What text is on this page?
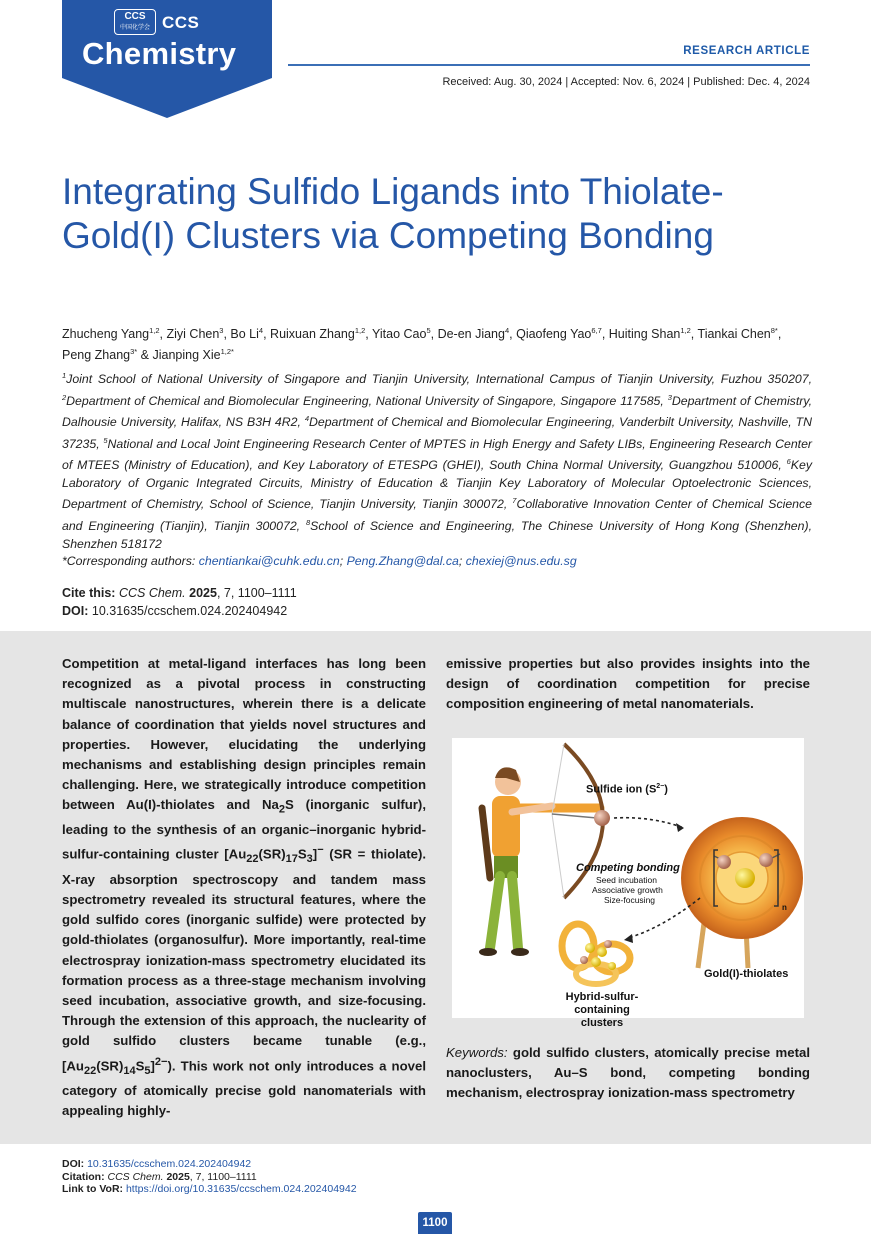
CCS
中国化学会 CCS
Chemistry	RESEARCH ARTICLE
Received: Aug. 30, 2024 | Accepted: Nov. 6, 2024 | Published: Dec. 4, 2024
Integrating Sulfido Ligands into Thiolate-Gold(I) Clusters via Competing Bonding
Zhucheng Yang$^{1,2}$, Ziyi Chen$^3$, Bo Li$^4$, Ruixuan Zhang$^{1,2}$, Yitao Cao$^5$, De-en Jiang$^4$, Qiaofeng Yao$^{6,7}$, Huiting Shan$^{1,2}$, Tiankai Chen$^{8*}$, Peng Zhang$^{3*}$ & Jianping Xie$^{1,2*}$
$^1$Joint School of National University of Singapore and Tianjin University, International Campus of Tianjin University, Fuzhou 350207, $^2$Department of Chemical and Biomolecular Engineering, National University of Singapore, Singapore 117585, $^3$Department of Chemistry, Dalhousie University, Halifax, NS B3H 4R2, $^4$Department of Chemical and Biomolecular Engineering, Vanderbilt University, Nashville, TN 37235, $^5$National and Local Joint Engineering Research Center of MPTES in High Energy and Safety LIBs, Engineering Research Center of MTEES (Ministry of Education), and Key Laboratory of ETESPG (GHEI), South China Normal University, Guangzhou 510006, $^6$Key Laboratory of Organic Integrated Circuits, Ministry of Education & Tianjin Key Laboratory of Molecular Optoelectronic Sciences, Department of Chemistry, School of Science, Tianjin University, Tianjin 300072, $^7$Collaborative Innovation Center of Chemical Science and Engineering (Tianjin), Tianjin 300072, $^8$School of Science and Engineering, The Chinese University of Hong Kong (Shenzhen), Shenzhen 518172
*Corresponding authors: chentiankai@cuhk.edu.cn; Peng.Zhang@dal.ca; chexiej@nus.edu.sg
Cite this: CCS Chem. 2025, 7, 1100–1111
DOI: 10.31635/ccschem.024.202404942
Competition at metal-ligand interfaces has long been recognized as a pivotal process in constructing multiscale nanostructures, wherein there is a delicate balance of coordination that yields novel structures and properties. However, elucidating the underlying mechanisms and establishing design principles remain challenging. Here, we strategically introduce competition between Au(I)-thiolates and $Na_2S$ (inorganic sulfur), leading to the synthesis of an organic–inorganic hybrid-sulfur-containing cluster $[Au_{22}(SR)_{17}S_3]^-$ (SR = thiolate). X-ray absorption spectroscopy and tandem mass spectrometry revealed its structural features, where the gold sulfido cores (inorganic sulfide) were protected by gold-thiolates (organosulfur). More importantly, real-time electrospray ionization-mass spectrometry elucidated its formation process as a three-stage mechanism involving seed incubation, associative growth, and size-focusing. Through the extension of this approach, the nuclearity of gold sulfido clusters became tunable (e.g., $[Au_{22}(SR)_{14}S_5]^{2-}$). This work not only introduces a novel category of atomically precise gold nanomaterials with appealing highly-
emissive properties but also provides insights into the design of coordination competition for precise composition engineering of metal nanomaterials.
Sulfide ion $(S^{2-})$
Competing bonding
Seed incubation
Associative growth
Size-focusing
n
Gold(I)-thiolates
Hybrid-sulfur-
containing clusters
Keywords: gold sulfido clusters, atomically precise metal nanoclusters, Au–S bond, competing bonding mechanism, electrospray ionization-mass spectrometry
DOI: 10.31635/ccschem.024.202404942
Citation: CCS Chem. 2025, 7, 1100–1111
Link to VoR: https://doi.org/10.31635/ccschem.024.202404942
1100
